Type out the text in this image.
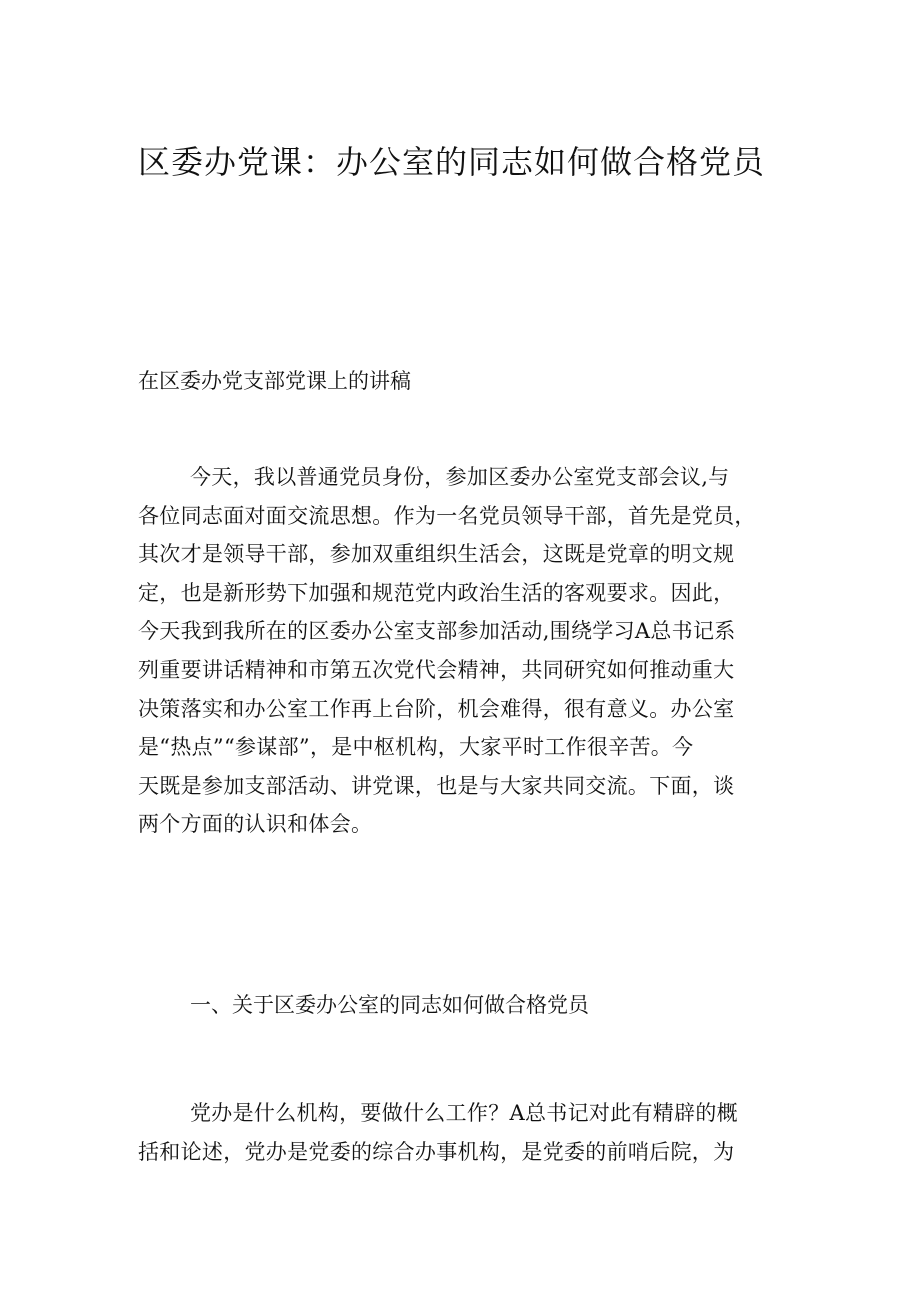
区委办党课：办公室的同志如何做合格党员

在区委办党支部党课上的讲稿

今天，我以普通党员身份，参加区委办公室党支部会议,与
各位同志面对面交流思想。作为一名党员领导干部，首先是党员，
其次才是领导干部，参加双重组织生活会，这既是党章的明文规
定，也是新形势下加强和规范党内政治生活的客观要求。因此，
今天我到我所在的区委办公室支部参加活动,围绕学习A总书记系
列重要讲话精神和市第五次党代会精神，共同研究如何推动重大
决策落实和办公室工作再上台阶，机会难得，很有意义。办公室
是“热点”“参谋部”，是中枢机构，大家平时工作很辛苦。今
天既是参加支部活动、讲党课，也是与大家共同交流。下面，谈
两个方面的认识和体会。

一、关于区委办公室的同志如何做合格党员

党办是什么机构，要做什么工作？A总书记对此有精辟的概
括和论述，党办是党委的综合办事机构，是党委的前哨后院，为
